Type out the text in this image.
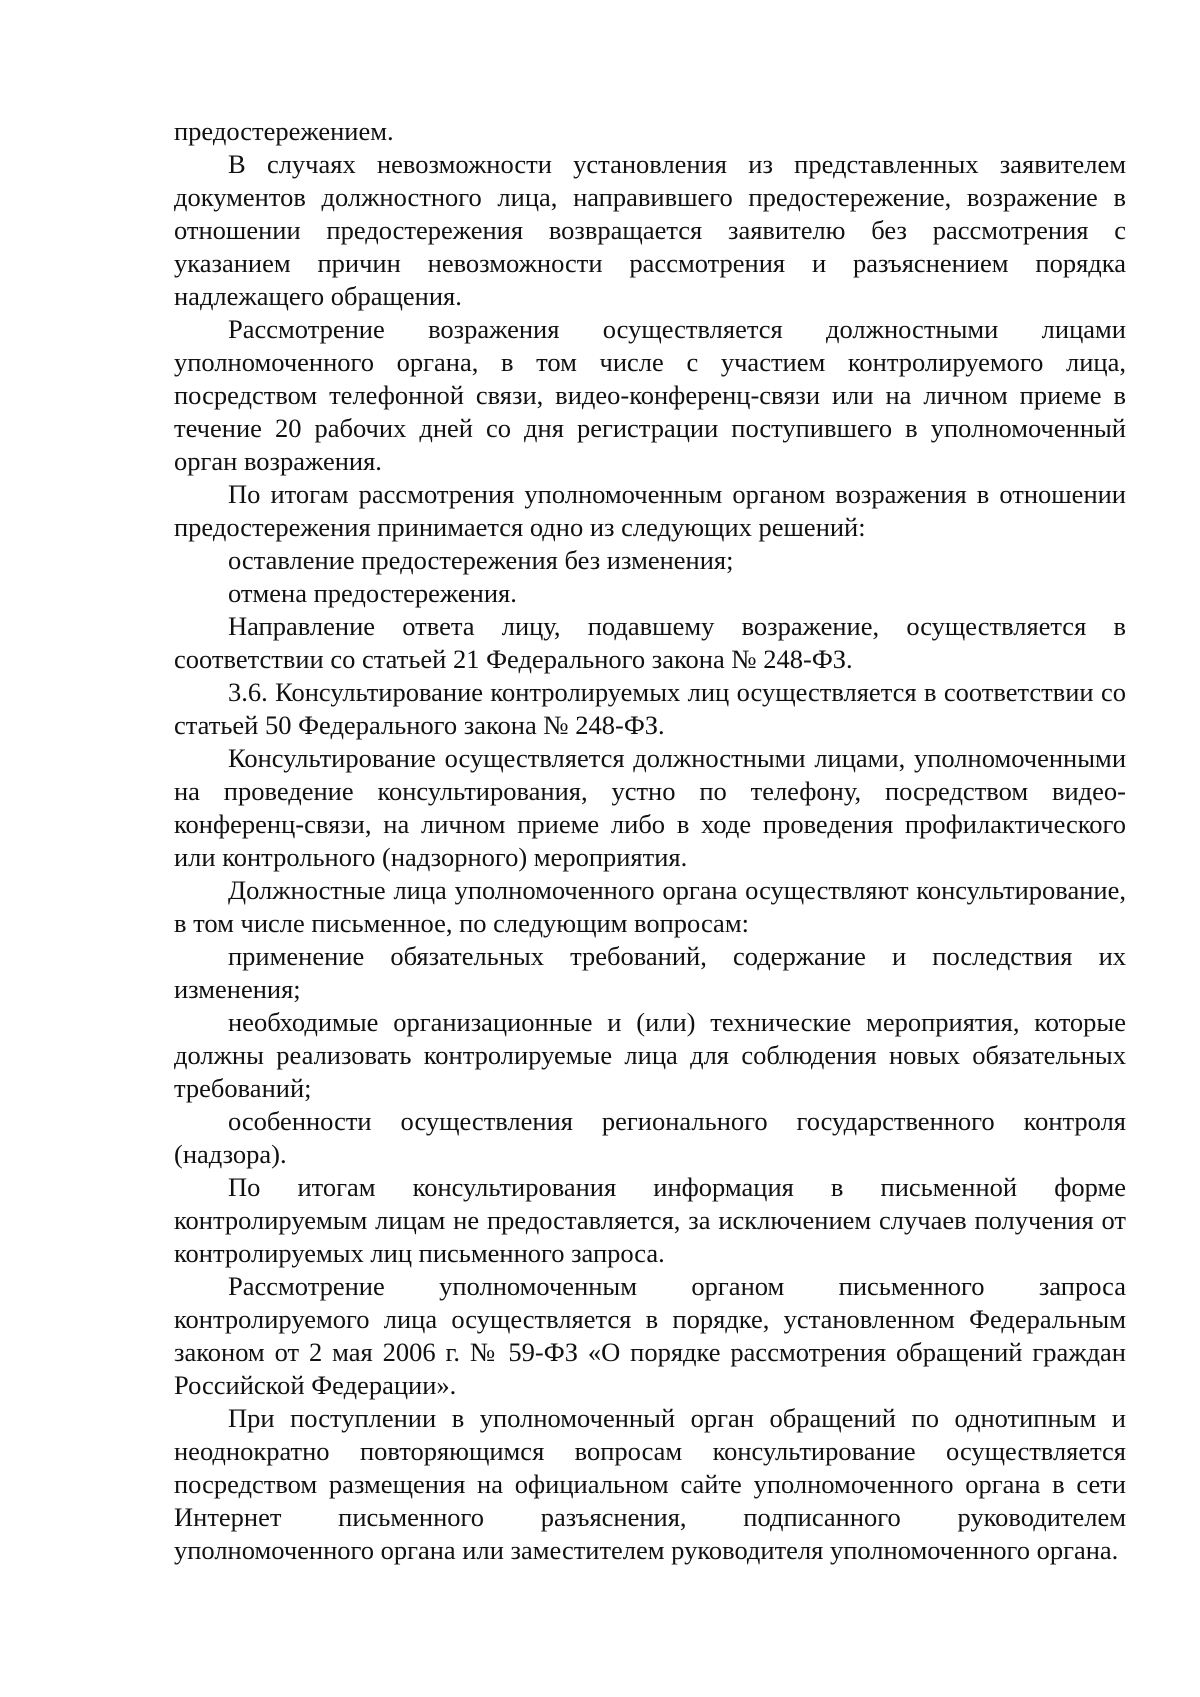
предостережением.

В случаях невозможности установления из представленных заявителем документов должностного лица, направившего предостережение, возражение в отношении предостережения возвращается заявителю без рассмотрения с указанием причин невозможности рассмотрения и разъяснением порядка надлежащего обращения.

Рассмотрение возражения осуществляется должностными лицами уполномоченного органа, в том числе с участием контролируемого лица, посредством телефонной связи, видео-конференц-связи или на личном приеме в течение 20 рабочих дней со дня регистрации поступившего в уполномоченный орган возражения.

По итогам рассмотрения уполномоченным органом возражения в отношении предостережения принимается одно из следующих решений:

оставление предостережения без изменения;

отмена предостережения.

Направление ответа лицу, подавшему возражение, осуществляется в соответствии со статьей 21 Федерального закона № 248-ФЗ.

3.6. Консультирование контролируемых лиц осуществляется в соответствии со статьей 50 Федерального закона № 248-ФЗ.

Консультирование осуществляется должностными лицами, уполномоченными на проведение консультирования, устно по телефону, посредством видео-конференц-связи, на личном приеме либо в ходе проведения профилактического или контрольного (надзорного) мероприятия.

Должностные лица уполномоченного органа осуществляют консультирование, в том числе письменное, по следующим вопросам:

применение обязательных требований, содержание и последствия их изменения;

необходимые организационные и (или) технические мероприятия, которые должны реализовать контролируемые лица для соблюдения новых обязательных требований;

особенности осуществления регионального государственного контроля (надзора).

По итогам консультирования информация в письменной форме контролируемым лицам не предоставляется, за исключением случаев получения от контролируемых лиц письменного запроса.

Рассмотрение уполномоченным органом письменного запроса контролируемого лица осуществляется в порядке, установленном Федеральным законом от 2 мая 2006 г. № 59-ФЗ «О порядке рассмотрения обращений граждан Российской Федерации».

При поступлении в уполномоченный орган обращений по однотипным и неоднократно повторяющимся вопросам консультирование осуществляется посредством размещения на официальном сайте уполномоченного органа в сети Интернет письменного разъяснения, подписанного руководителем уполномоченного органа или заместителем руководителя уполномоченного органа.
